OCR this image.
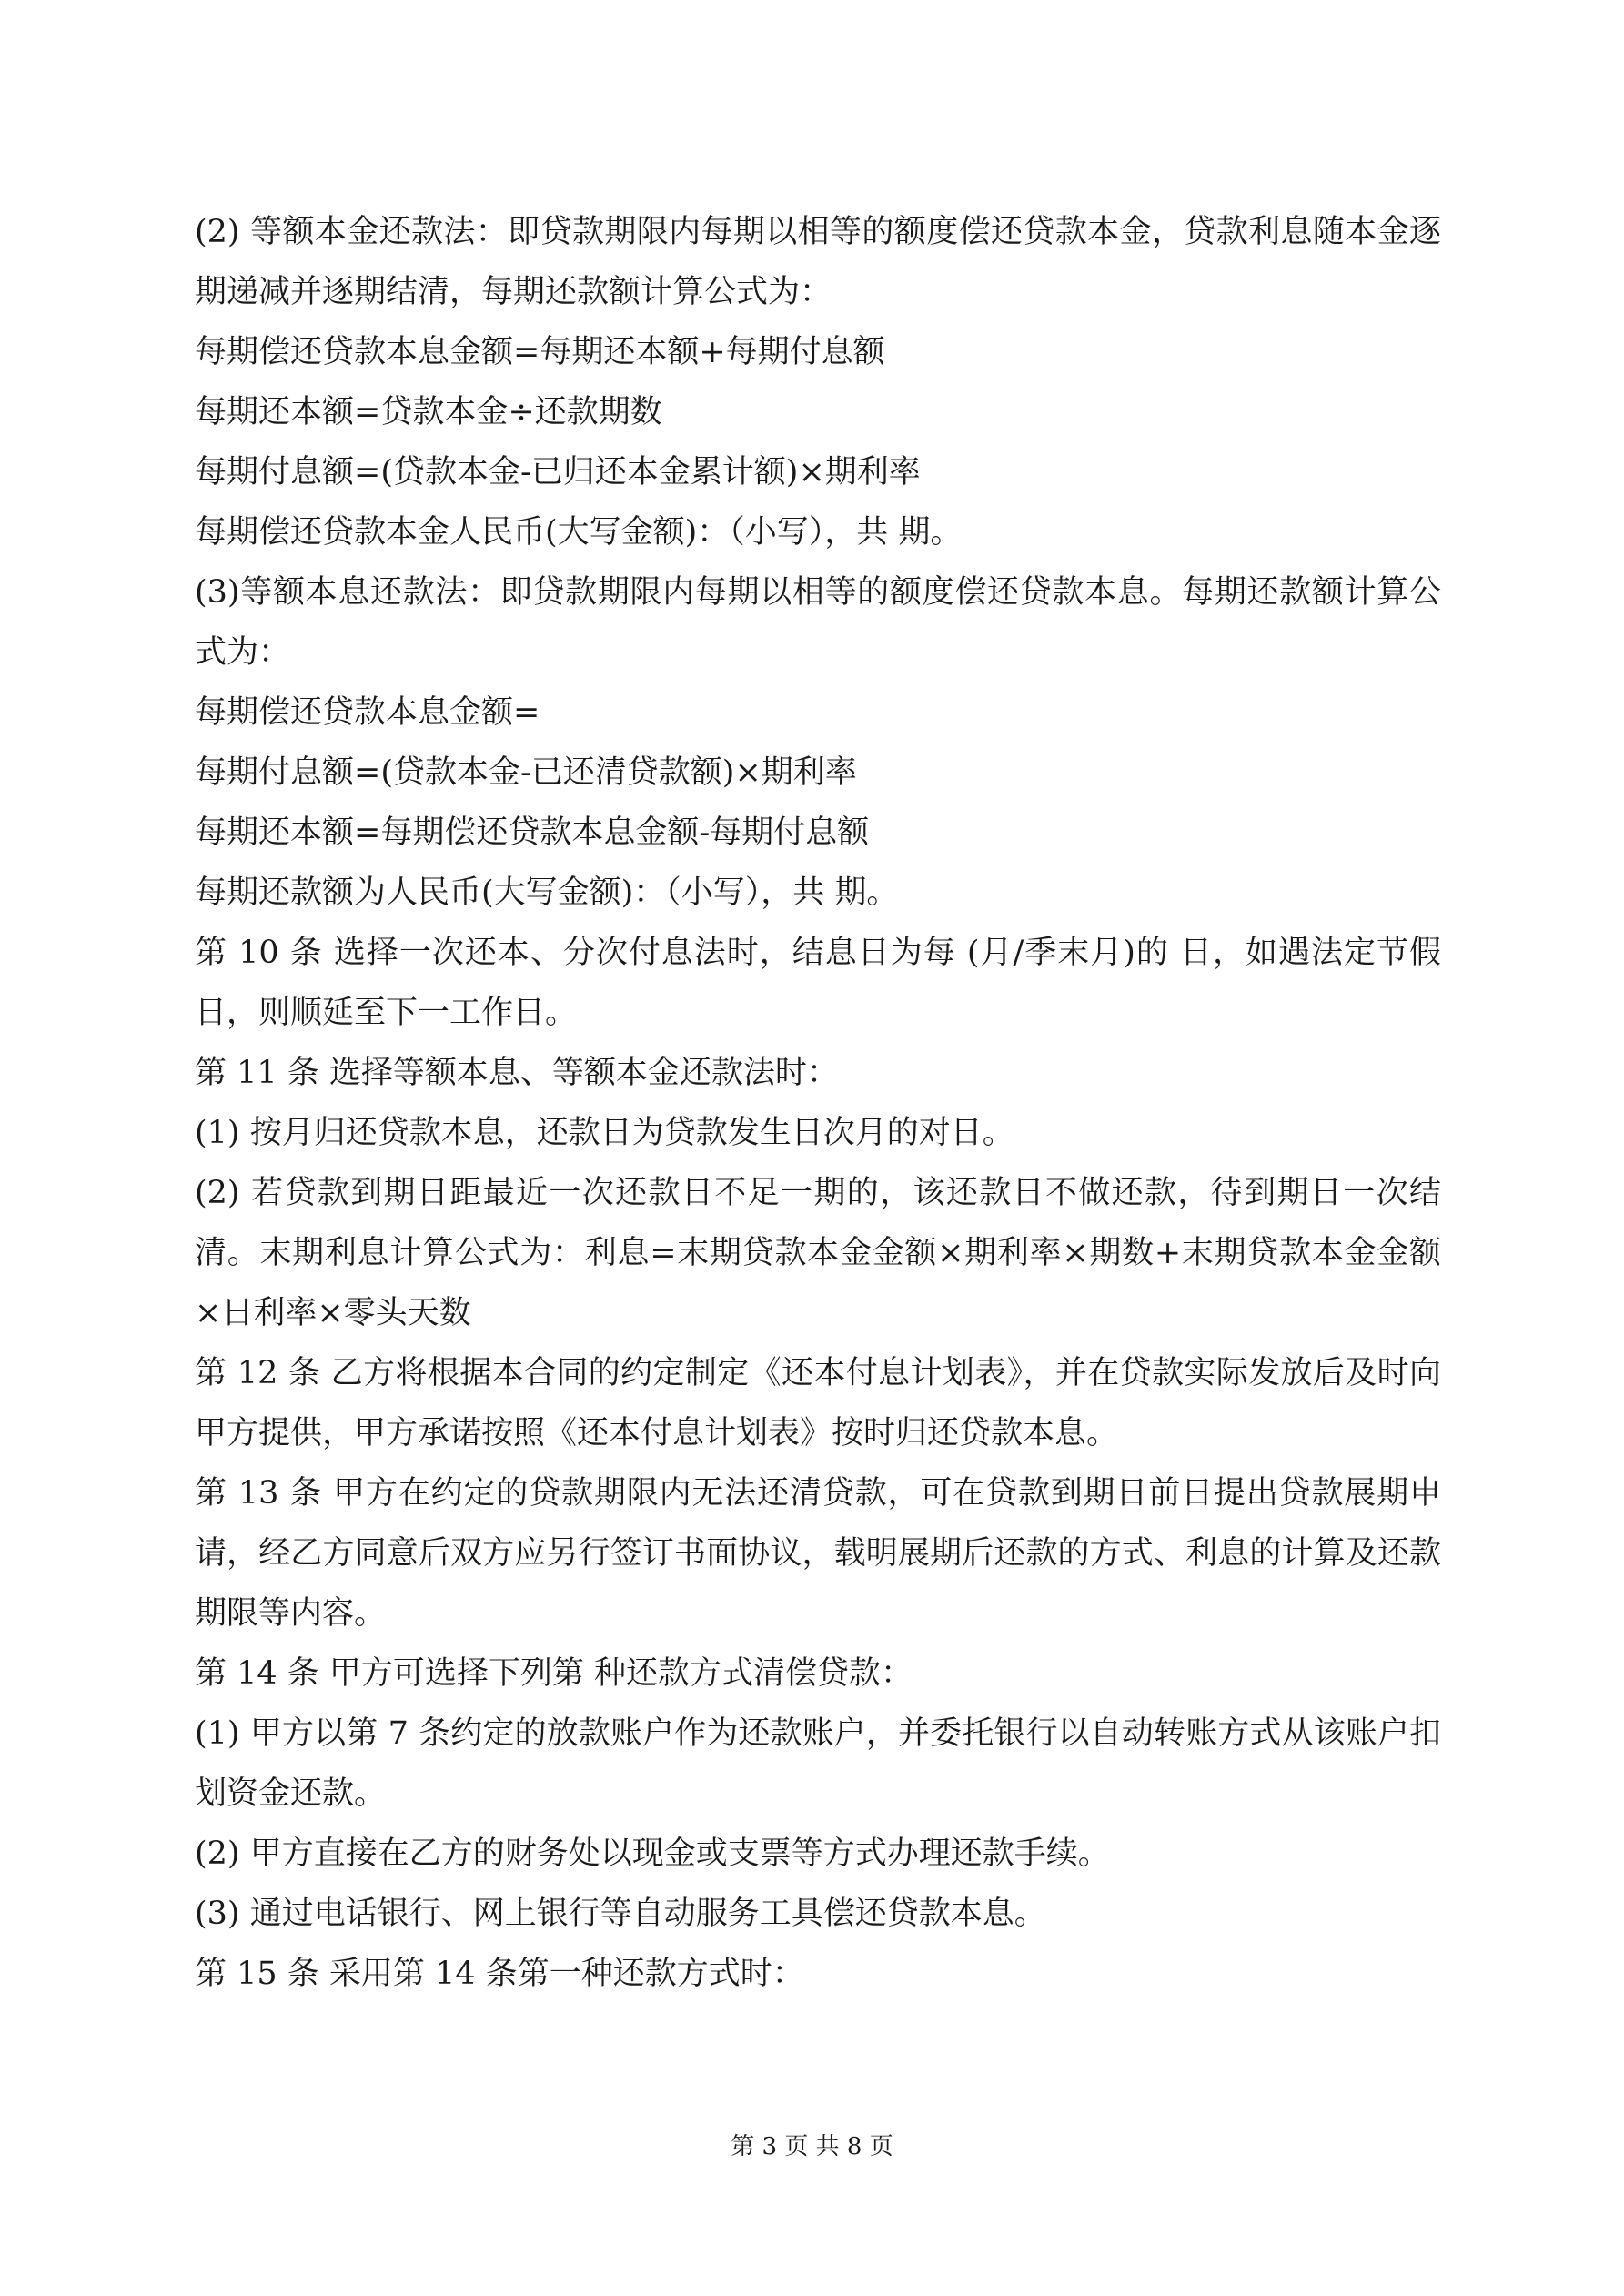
(2) 等额本金还款法：即贷款期限内每期以相等的额度偿还贷款本金，贷款利息随本金逐期递减并逐期结清，每期还款额计算公式为：

每期偿还贷款本息金额=每期还本额+每期付息额

每期还本额=贷款本金÷还款期数

每期付息额=(贷款本金-已归还本金累计额)×期利率

每期偿还贷款本金人民币(大写金额)：（小写），共 期。

(3)等额本息还款法：即贷款期限内每期以相等的额度偿还贷款本息。每期还款额计算公式为：

每期偿还贷款本息金额=

每期付息额=(贷款本金-已还清贷款额)×期利率

每期还本额=每期偿还贷款本息金额-每期付息额

每期还款额为人民币(大写金额)：（小写），共 期。

第 10 条 选择一次还本、分次付息法时，结息日为每 (月/季末月)的 日，如遇法定节假日，则顺延至下一工作日。

第 11 条 选择等额本息、等额本金还款法时：

(1) 按月归还贷款本息，还款日为贷款发生日次月的对日。

(2) 若贷款到期日距最近一次还款日不足一期的，该还款日不做还款，待到期日一次结清。末期利息计算公式为：利息=末期贷款本金金额×期利率×期数+末期贷款本金金额×日利率×零头天数

第 12 条 乙方将根据本合同的约定制定《还本付息计划表》，并在贷款实际发放后及时向甲方提供，甲方承诺按照《还本付息计划表》按时归还贷款本息。

第 13 条 甲方在约定的贷款期限内无法还清贷款，可在贷款到期日前日提出贷款展期申请，经乙方同意后双方应另行签订书面协议，载明展期后还款的方式、利息的计算及还款期限等内容。

第 14 条 甲方可选择下列第 种还款方式清偿贷款：

(1) 甲方以第 7 条约定的放款账户作为还款账户，并委托银行以自动转账方式从该账户扣划资金还款。

(2) 甲方直接在乙方的财务处以现金或支票等方式办理还款手续。

(3) 通过电话银行、网上银行等自动服务工具偿还贷款本息。

第 15 条 采用第 14 条第一种还款方式时：

第 3 页 共 8 页
